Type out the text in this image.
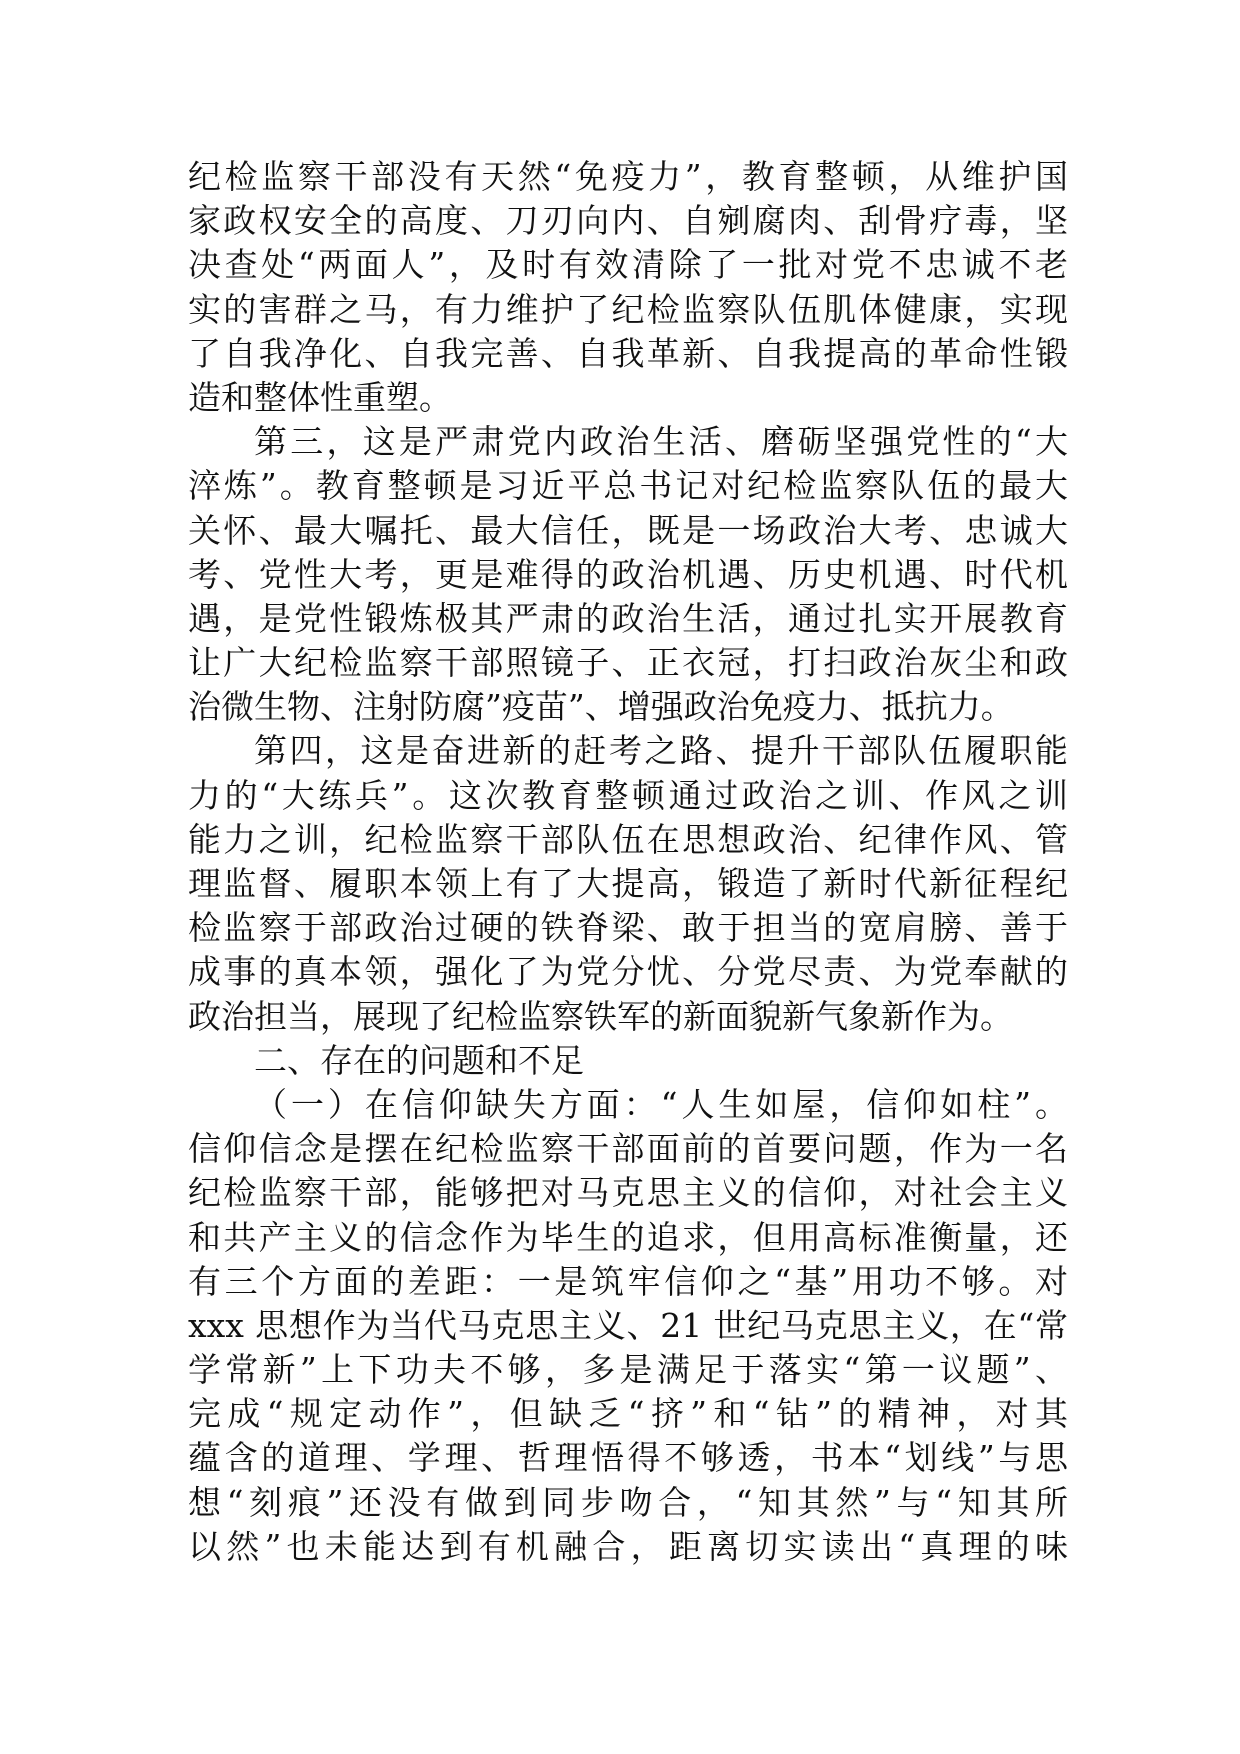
纪检监察干部没有天然“免疫力”，教育整顿，从维护国
家政权安全的高度、刀刃向内、自剜腐肉、刮骨疗毒，坚
决查处“两面人”，及时有效清除了一批对党不忠诚不老
实的害群之马，有力维护了纪检监察队伍肌体健康，实现
了自我净化、自我完善、自我革新、自我提高的革命性锻
造和整体性重塑。
第三，这是严肃党内政治生活、磨砺坚强党性的“大
淬炼”。教育整顿是习近平总书记对纪检监察队伍的最大
关怀、最大嘱托、最大信任，既是一场政治大考、忠诚大
考、党性大考，更是难得的政治机遇、历史机遇、时代机
遇，是党性锻炼极其严肃的政治生活，通过扎实开展教育
让广大纪检监察干部照镜子、正衣冠，打扫政治灰尘和政
治微生物、注射防腐”疫苗”、增强政治免疫力、抵抗力。
第四，这是奋进新的赶考之路、提升干部队伍履职能
力的“大练兵”。这次教育整顿通过政治之训、作风之训
能力之训，纪检监察干部队伍在思想政治、纪律作风、管
理监督、履职本领上有了大提高，锻造了新时代新征程纪
检监察于部政治过硬的铁脊梁、敢于担当的宽肩膀、善于
成事的真本领，强化了为党分忧、分党尽责、为党奉献的
政治担当，展现了纪检监察铁军的新面貌新气象新作为。
二、存在的问题和不足
（一）在信仰缺失方面：“人生如屋，信仰如柱”。
信仰信念是摆在纪检监察干部面前的首要问题，作为一名
纪检监察干部，能够把对马克思主义的信仰，对社会主义
和共产主义的信念作为毕生的追求，但用高标准衡量，还
有三个方面的差距：一是筑牢信仰之“基”用功不够。对
xxx 思想作为当代马克思主义、21 世纪马克思主义，在“常
学常新”上下功夫不够，多是满足于落实“第一议题”、
完成“规定动作”，但缺乏“挤”和“钻”的精神，对其
蕴含的道理、学理、哲理悟得不够透，书本“划线”与思
想“刻痕”还没有做到同步吻合，“知其然”与“知其所
以然”也未能达到有机融合，距离切实读出“真理的味
